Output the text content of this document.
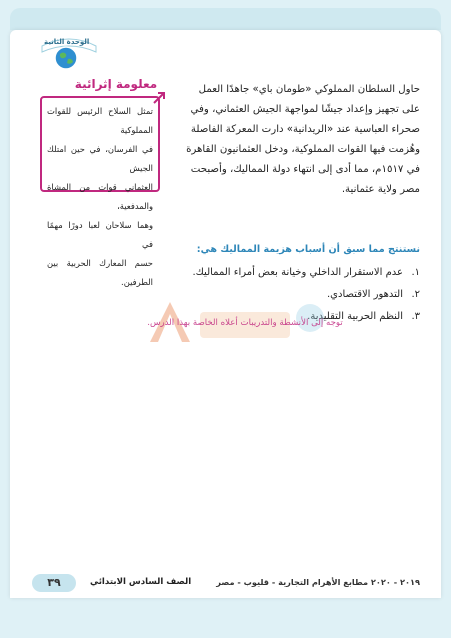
الوحدة الثانية
حاول السلطان المملوكي «طومان باي» جاهدًا العمل
على تجهيز وإعداد جيشًا لمواجهة الجيش العثماني، وفي
صحراء العباسية عند «الريدانية» دارت المعركة الفاصلة
وهُزمت فيها القوات المملوكية، ودخل العثمانيون القاهرة
في ١٥١٧م، مما أدى إلى انتهاء دولة المماليك، وأصبحت
مصر ولاية عثمانية.
معلومة إثرائية
تمثل السلاح الرئيس للقوات المملوكية
في الفرسان، في حين امتلك الجيش
العثماني قوات من المشاة والمدفعية،
وهما سلاحان لعبا دورًا مهمًا في
حسم المعارك الحربية بين الطرفين.
نستنتج مما سبق أن أسباب هزيمة المماليك هي:
١.
عدم الاستقرار الداخلي وخيانة بعض أمراء المماليك.
٢.
التدهور الاقتصادي.
٣.
النظم الحربية التقليدية.
توجه إلى الأنشطة والتدريبات أعلاه الخاصة بهذا الدرس.
٣٩	الصف السادس الابتدائي	٢٠١٩ - ٢٠٢٠ مطابع الأهرام التجارية - قليوب - مصر
